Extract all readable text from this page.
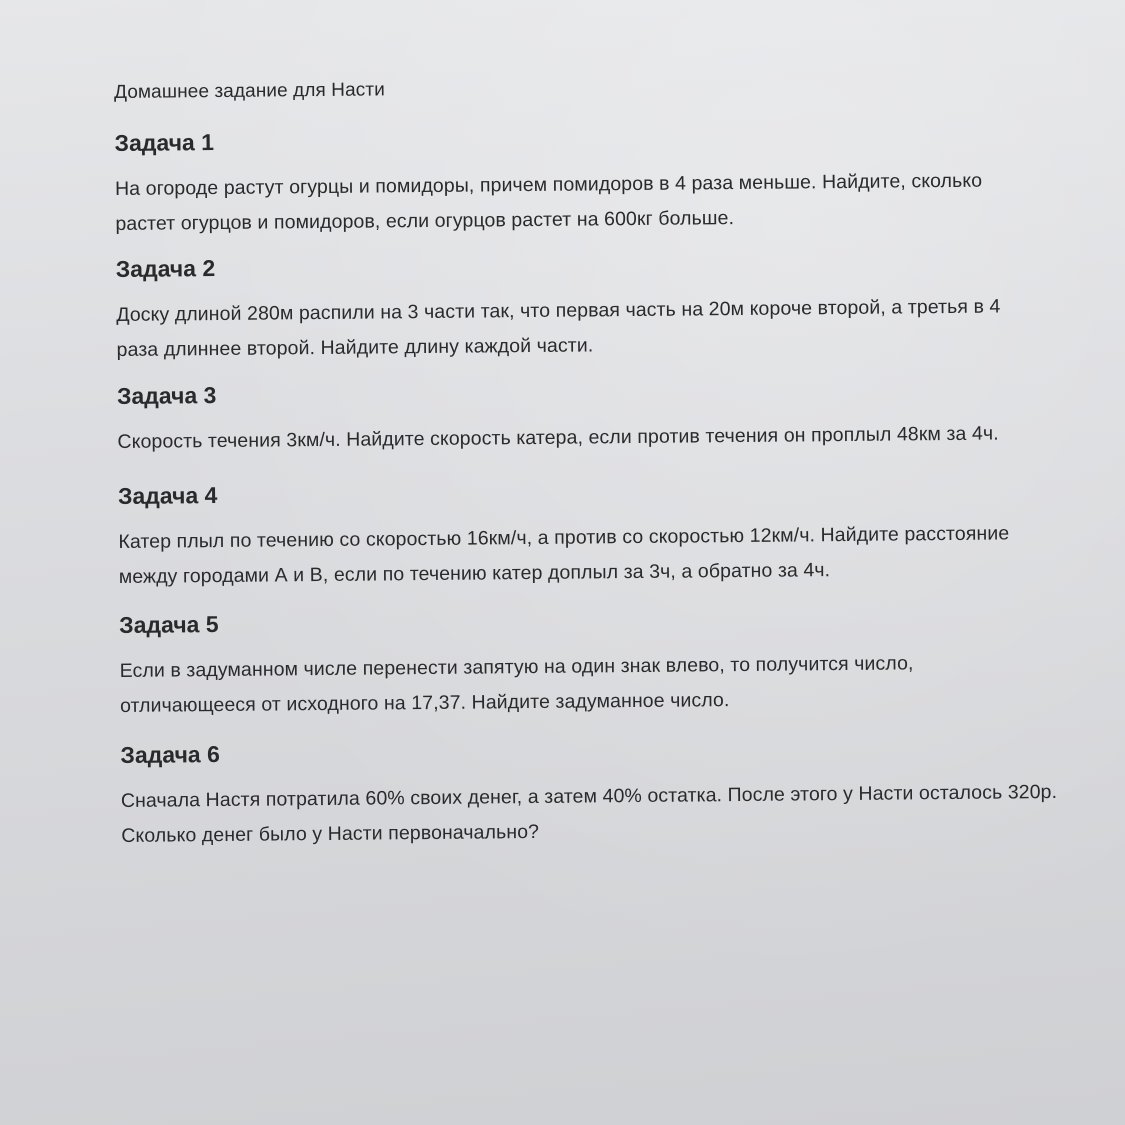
Домашнее задание для Насти

Задача 1

На огороде растут огурцы и помидоры, причем помидоров в 4 раза меньше. Найдите, сколько
растет огурцов и помидоров, если огурцов растет на 600кг больше.

Задача 2

Доску длиной 280м распили на 3 части так, что первая часть на 20м короче второй, а третья в 4
раза длиннее второй. Найдите длину каждой части.

Задача 3

Скорость течения 3км/ч. Найдите скорость катера, если против течения он проплыл 48км за 4ч.

Задача 4

Катер плыл по течению со скоростью 16км/ч, а против со скоростью 12км/ч. Найдите расстояние
между городами А и В, если по течению катер доплыл за 3ч, а обратно за 4ч.

Задача 5

Если в задуманном числе перенести запятую на один знак влево, то получится число,
отличающееся от исходного на 17,37. Найдите задуманное число.

Задача 6

Сначала Настя потратила 60% своих денег, а затем 40% остатка. После этого у Насти осталось 320р.
Сколько денег было у Насти первоначально?
